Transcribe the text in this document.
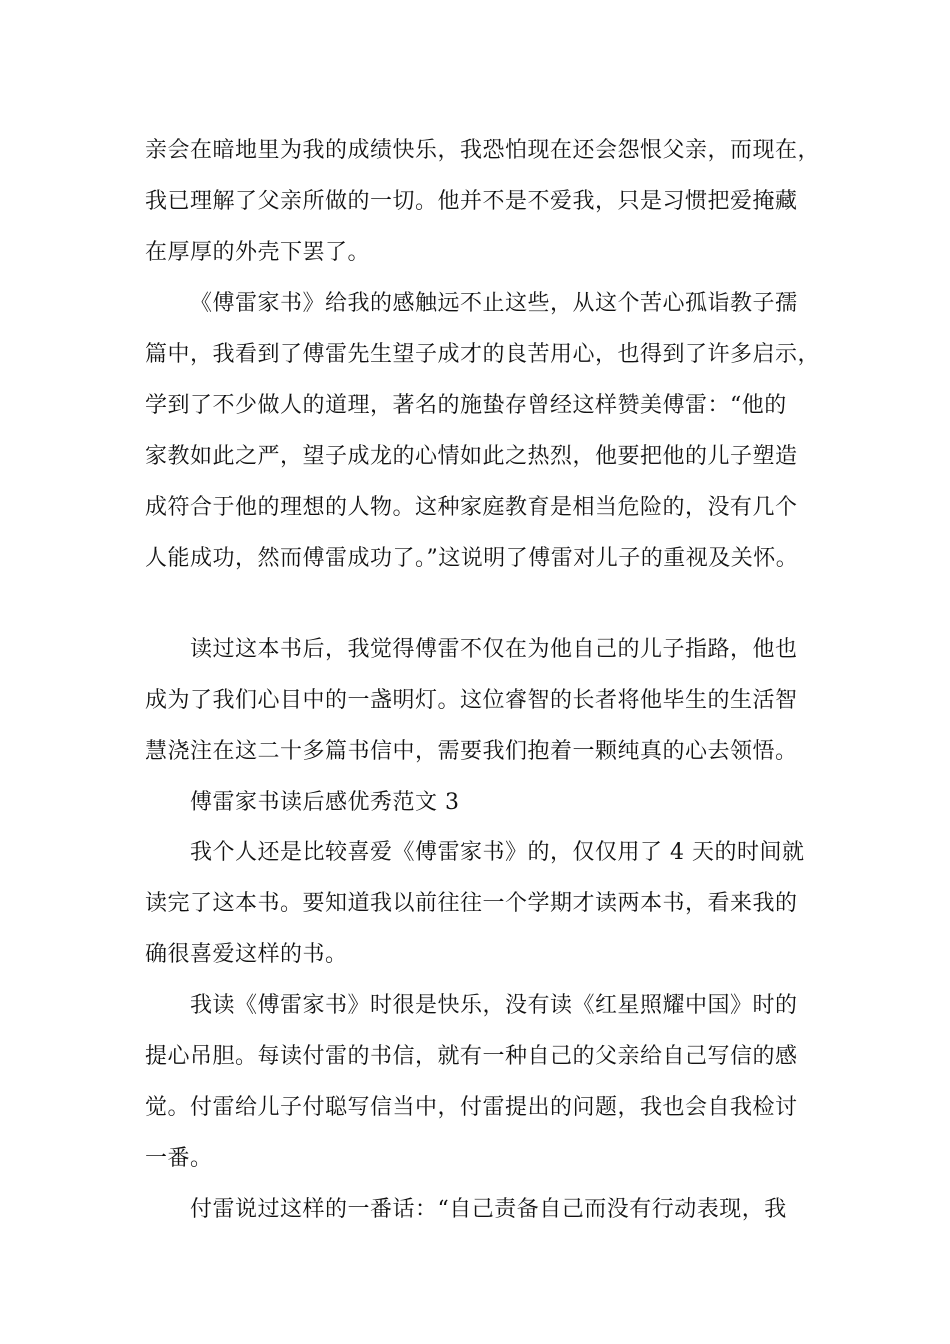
亲会在暗地里为我的成绩快乐，我恐怕现在还会怨恨父亲，而现在，
我已理解了父亲所做的一切。他并不是不爱我，只是习惯把爱掩藏
在厚厚的外壳下罢了。
《傅雷家书》给我的感触远不止这些，从这个苦心孤诣教子孺
篇中，我看到了傅雷先生望子成才的良苦用心，也得到了许多启示，
学到了不少做人的道理，著名的施蛰存曾经这样赞美傅雷：“他的
家教如此之严，望子成龙的心情如此之热烈，他要把他的儿子塑造
成符合于他的理想的人物。这种家庭教育是相当危险的，没有几个
人能成功，然而傅雷成功了。”这说明了傅雷对儿子的重视及关怀。
读过这本书后，我觉得傅雷不仅在为他自己的儿子指路，他也
成为了我们心目中的一盏明灯。这位睿智的长者将他毕生的生活智
慧浇注在这二十多篇书信中，需要我们抱着一颗纯真的心去领悟。
傅雷家书读后感优秀范文 3
我个人还是比较喜爱《傅雷家书》的，仅仅用了 4 天的时间就
读完了这本书。要知道我以前往往一个学期才读两本书，看来我的
确很喜爱这样的书。
我读《傅雷家书》时很是快乐，没有读《红星照耀中国》时的
提心吊胆。每读付雷的书信，就有一种自己的父亲给自己写信的感
觉。付雷给儿子付聪写信当中，付雷提出的问题，我也会自我检讨
一番。
付雷说过这样的一番话：“自己责备自己而没有行动表现，我
